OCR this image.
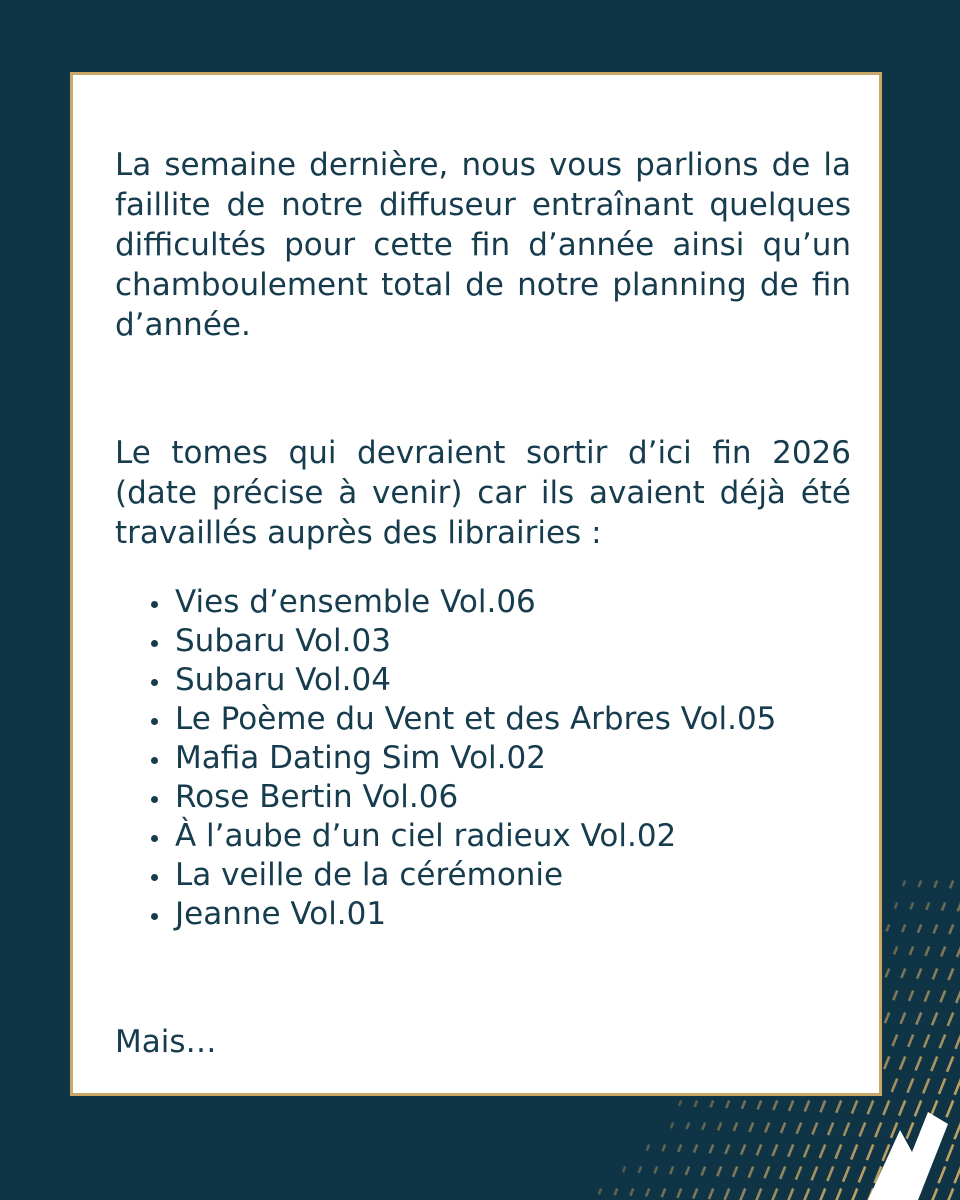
La semaine dernière, nous vous parlions de la faillite de notre diffuseur entraînant quelques difficultés pour cette fin d’année ainsi qu’un chamboulement total de notre planning de fin d’année.

Le tomes qui devraient sortir d’ici fin 2026 (date précise à venir) car ils avaient déjà été travaillés auprès des librairies :

Vies d’ensemble Vol.06
Subaru Vol.03
Subaru Vol.04
Le Poème du Vent et des Arbres Vol.05
Mafia Dating Sim Vol.02
Rose Bertin Vol.06
À l’aube d’un ciel radieux Vol.02
La veille de la cérémonie
Jeanne Vol.01

Mais…
